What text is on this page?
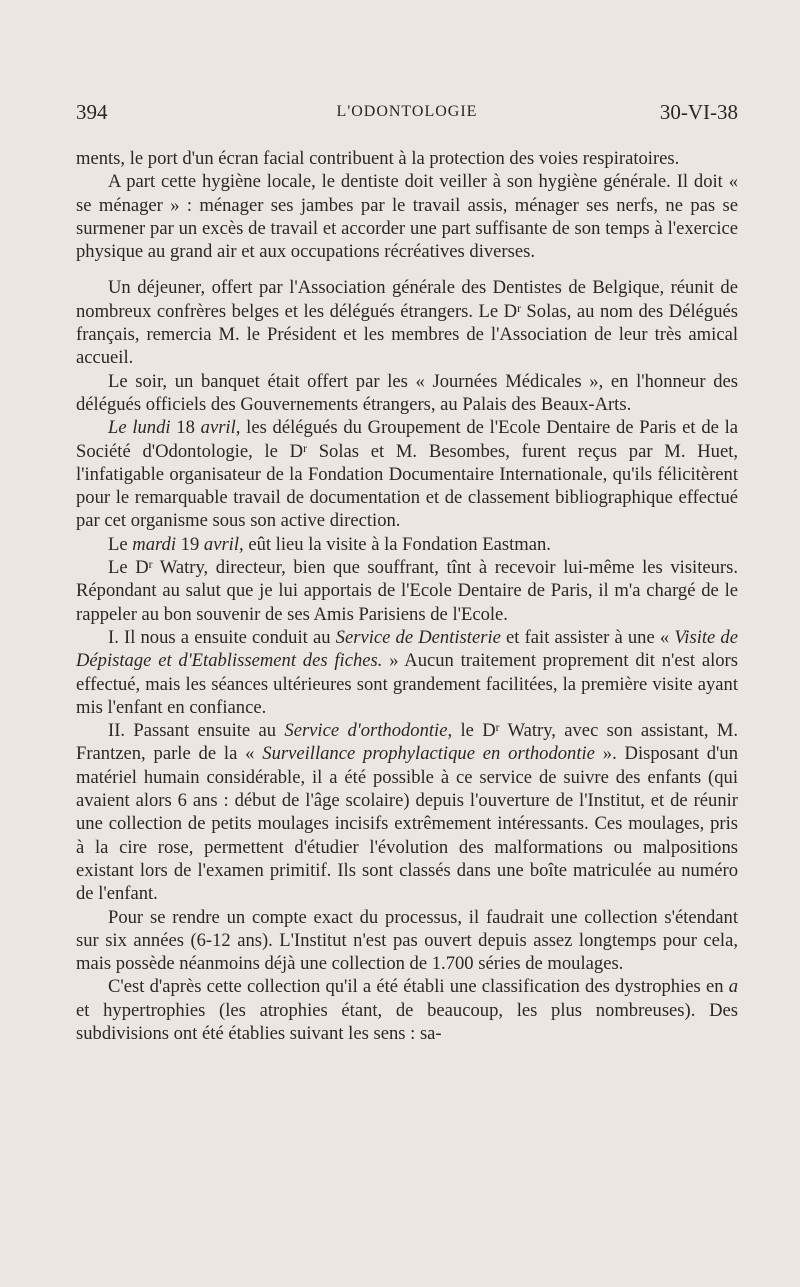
394	L'ODONTOLOGIE	30-VI-38

ments, le port d'un écran facial contribuent à la protection des voies respiratoires.

A part cette hygiène locale, le dentiste doit veiller à son hygiène générale. Il doit « se ménager » : ménager ses jambes par le travail assis, ménager ses nerfs, ne pas se surmener par un excès de travail et accorder une part suffisante de son temps à l'exercice physique au grand air et aux occupations récréatives diverses.

Un déjeuner, offert par l'Association générale des Dentistes de Belgique, réunit de nombreux confrères belges et les délégués étrangers. Le $D^r$ Solas, au nom des Délégués français, remercia M. le Président et les membres de l'Association de leur très amical accueil.

Le soir, un banquet était offert par les « Journées Médicales », en l'honneur des délégués officiels des Gouvernements étrangers, au Palais des Beaux-Arts.

Le lundi 18 avril, les délégués du Groupement de l'Ecole Dentaire de Paris et de la Société d'Odontologie, le $D^r$ Solas et M. Besombes, furent reçus par M. Huet, l'infatigable organisateur de la Fondation Documentaire Internationale, qu'ils félicitèrent pour le remarquable travail de documentation et de classement bibliographique effectué par cet organisme sous son active direction.

Le mardi 19 avril, eût lieu la visite à la Fondation Eastman.

Le $D^r$ Watry, directeur, bien que souffrant, tînt à recevoir lui-même les visiteurs. Répondant au salut que je lui apportais de l'Ecole Dentaire de Paris, il m'a chargé de le rappeler au bon souvenir de ses Amis Parisiens de l'Ecole.

I. Il nous a ensuite conduit au Service de Dentisterie et fait assister à une « Visite de Dépistage et d'Etablissement des fiches. » Aucun traitement proprement dit n'est alors effectué, mais les séances ultérieures sont grandement facilitées, la première visite ayant mis l'enfant en confiance.

II. Passant ensuite au Service d'orthodontie, le $D^r$ Watry, avec son assistant, M. Frantzen, parle de la « Surveillance prophylactique en orthodontie ». Disposant d'un matériel humain considérable, il a été possible à ce service de suivre des enfants (qui avaient alors 6 ans : début de l'âge scolaire) depuis l'ouverture de l'Institut, et de réunir une collection de petits moulages incisifs extrêmement intéressants. Ces moulages, pris à la cire rose, permettent d'étudier l'évolution des malformations ou malpositions existant lors de l'examen primitif. Ils sont classés dans une boîte matriculée au numéro de l'enfant.

Pour se rendre un compte exact du processus, il faudrait une collection s'étendant sur six années (6-12 ans). L'Institut n'est pas ouvert depuis assez longtemps pour cela, mais possède néanmoins déjà une collection de 1.700 séries de moulages.

C'est d'après cette collection qu'il a été établi une classification des dystrophies en a et hypertrophies (les atrophies étant, de beaucoup, les plus nombreuses). Des subdivisions ont été établies suivant les sens : sa-
